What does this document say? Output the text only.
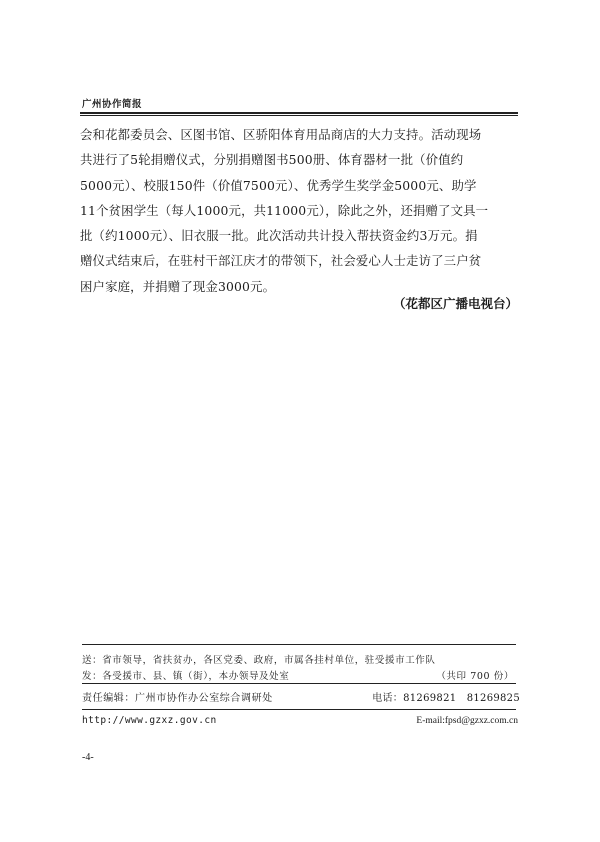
广州协作简报

会和花都委员会、区图书馆、区骄阳体育用品商店的大力支持。活动现场

共进行了5轮捐赠仪式，分别捐赠图书500册、体育器材一批（价值约

5000元）、校服150件（价值7500元）、优秀学生奖学金5000元、助学

11个贫困学生（每人1000元，共11000元），除此之外，还捐赠了文具一

批（约1000元）、旧衣服一批。此次活动共计投入帮扶资金约3万元。捐

赠仪式结束后，在驻村干部江庆才的带领下，社会爱心人士走访了三户贫

困户家庭，并捐赠了现金3000元。

（花都区广播电视台）
送：省市领导，省扶贫办，各区党委、政府，市属各挂村单位，驻受援市工作队
发：各受援市、县、镇（街），本办领导及处室	（共印 700 份）
责任编辑：广州市协作办公室综合调研处	电话：81269821　81269825
http://www.gzxz.gov.cn	E-mail:fpsd@gzxz.com.cn
-4-
